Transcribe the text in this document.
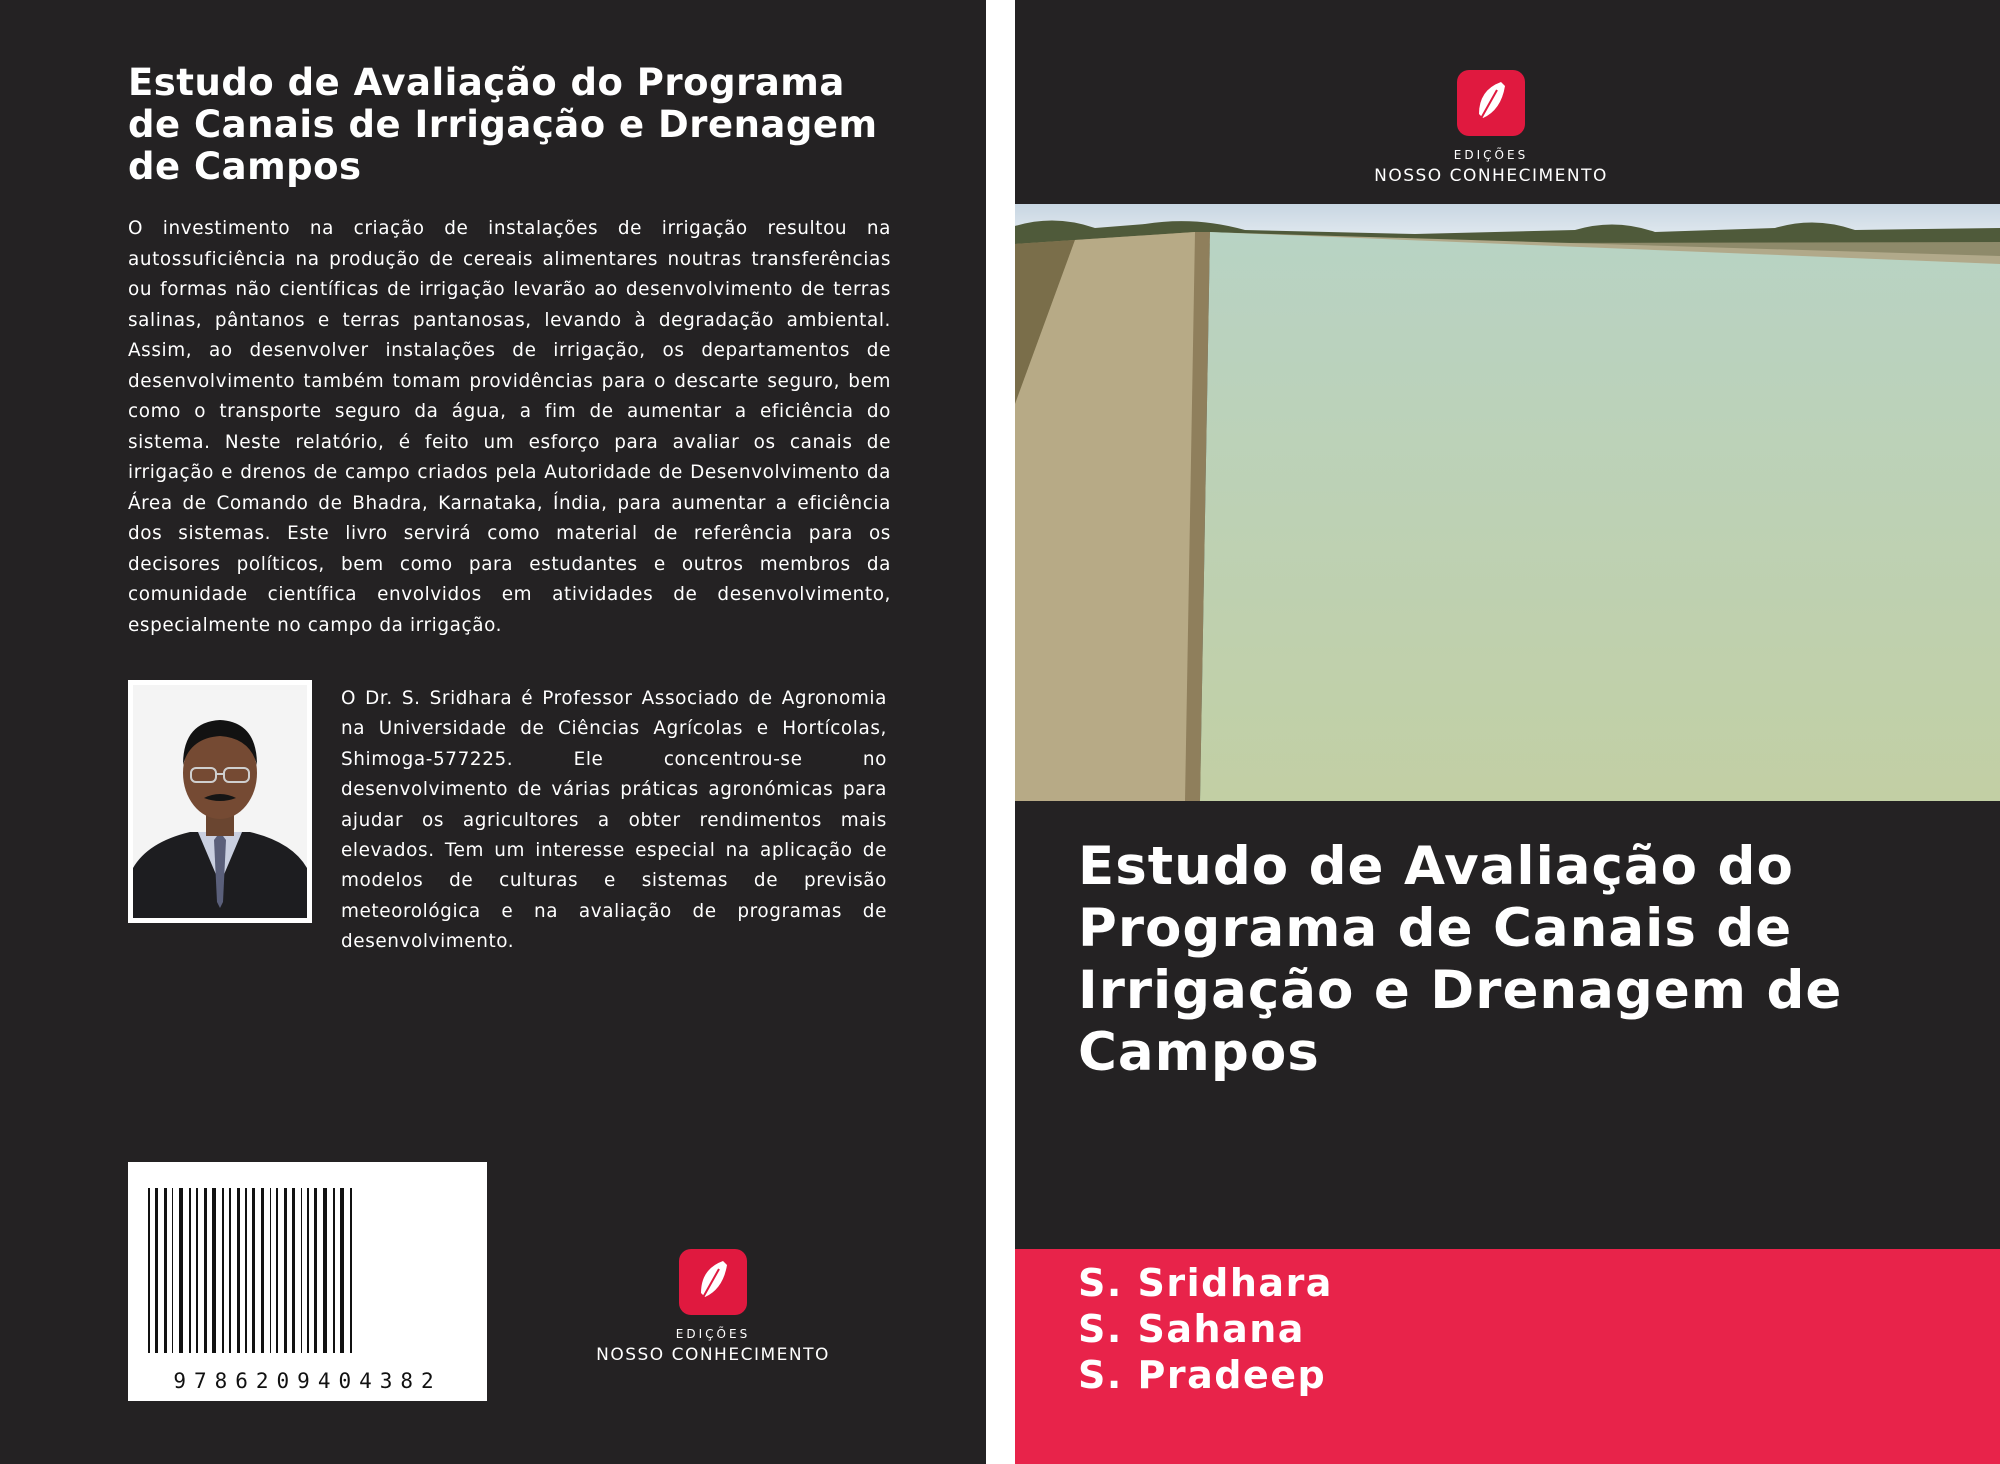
Estudo de Avaliação do Programa de Canais de Irrigação e Drenagem de Campos

O investimento na criação de instalações de irrigação resultou na autossuficiência na produção de cereais alimentares noutras transferências ou formas não científicas de irrigação levarão ao desenvolvimento de terras salinas, pântanos e terras pantanosas, levando à degradação ambiental. Assim, ao desenvolver instalações de irrigação, os departamentos de desenvolvimento também tomam providências para o descarte seguro, bem como o transporte seguro da água, a fim de aumentar a eficiência do sistema. Neste relatório, é feito um esforço para avaliar os canais de irrigação e drenos de campo criados pela Autoridade de Desenvolvimento da Área de Comando de Bhadra, Karnataka, Índia, para aumentar a eficiência dos sistemas. Este livro servirá como material de referência para os decisores políticos, bem como para estudantes e outros membros da comunidade científica envolvidos em atividades de desenvolvimento, especialmente no campo da irrigação.

O Dr. S. Sridhara é Professor Associado de Agronomia na Universidade de Ciências Agrícolas e Hortícolas, Shimoga-577225. Ele concentrou-se no desenvolvimento de várias práticas agronómicas para ajudar os agricultores a obter rendimentos mais elevados. Tem um interesse especial na aplicação de modelos de culturas e sistemas de previsão meteorológica e na avaliação de programas de desenvolvimento.

9786209404382
EDIÇÕES
NOSSO CONHECIMENTO
EDIÇÕES
NOSSO CONHECIMENTO
Estudo de Avaliação do Programa de Canais de Irrigação e Drenagem de Campos
S. Sridhara
S. Sahana
S. Pradeep
